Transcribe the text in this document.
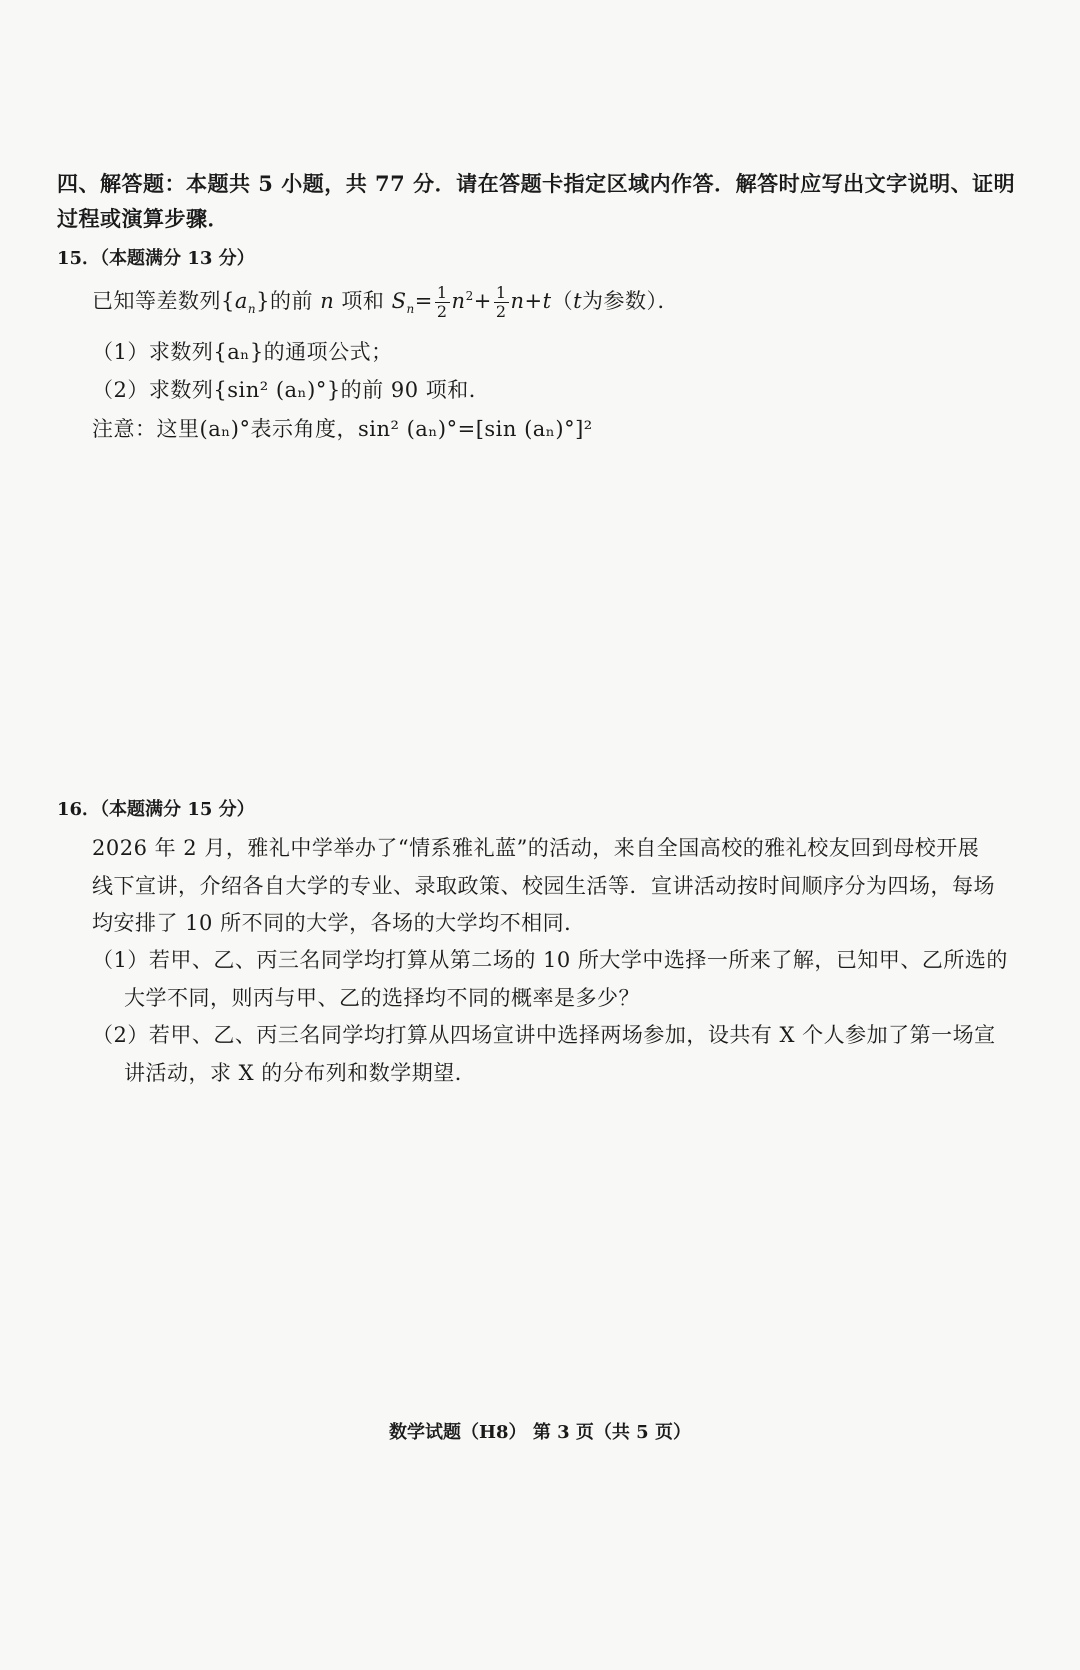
四、解答题：本题共 5 小题，共 77 分．请在答题卡指定区域内作答．解答时应写出文字说明、证明
过程或演算步骤．
15．（本题满分 13 分）
已知等差数列$\{a_n\}$的前 n 项和 $S_n= \frac{1}{2} n^2+ \frac{1}{2} n+t(t$为参数）．
（1）求数列{aₙ}的通项公式；
（2）求数列{sin² (aₙ)°}的前 90 项和．
注意：这里(aₙ)°表示角度，sin² (aₙ)°=[sin (aₙ)°]²
16．（本题满分 15 分）
2026 年 2 月，雅礼中学举办了“情系雅礼蓝”的活动，来自全国高校的雅礼校友回到母校开展
线下宣讲，介绍各自大学的专业、录取政策、校园生活等．宣讲活动按时间顺序分为四场，每场
均安排了 10 所不同的大学，各场的大学均不相同．
（1）若甲、乙、丙三名同学均打算从第二场的 10 所大学中选择一所来了解，已知甲、乙所选的
大学不同，则丙与甲、乙的选择均不同的概率是多少？
（2）若甲、乙、丙三名同学均打算从四场宣讲中选择两场参加，设共有 X 个人参加了第一场宣
讲活动，求 X 的分布列和数学期望．
数学试题（H8） 第 3 页（共 5 页）
